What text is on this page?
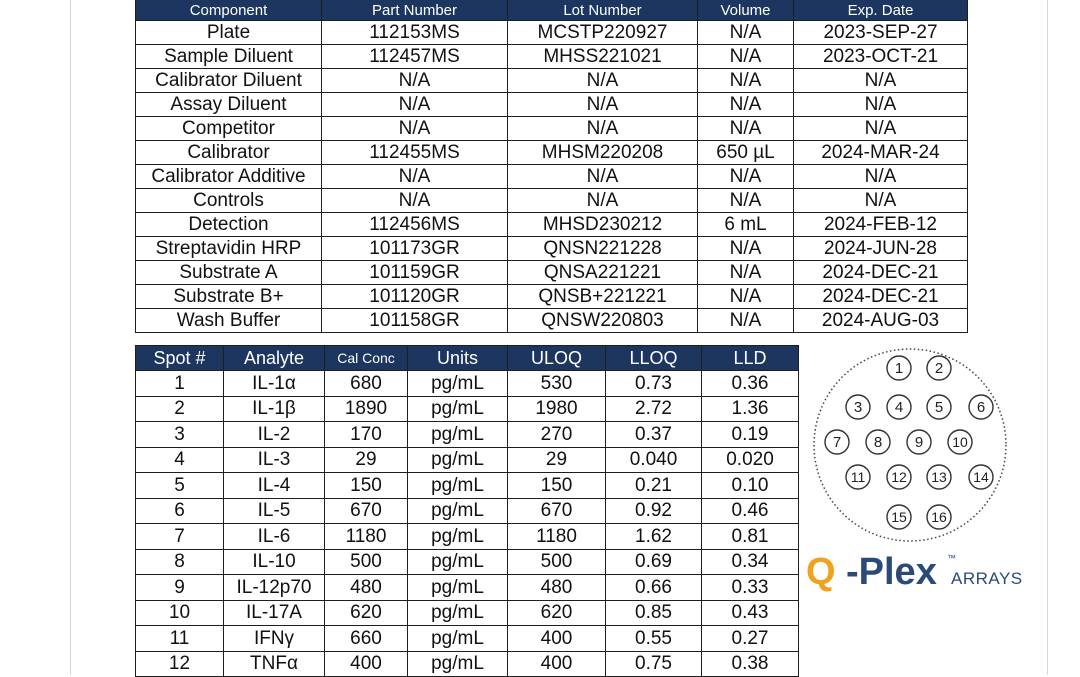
Component	Part Number	Lot Number	Volume	Exp. Date
Plate	112153MS	MCSTP220927	N/A	2023-SEP-27
Sample Diluent	112457MS	MHSS221021	N/A	2023-OCT-21
Calibrator Diluent	N/A	N/A	N/A	N/A
Assay Diluent	N/A	N/A	N/A	N/A
Competitor	N/A	N/A	N/A	N/A
Calibrator	112455MS	MHSM220208	650 µL	2024-MAR-24
Calibrator Additive	N/A	N/A	N/A	N/A
Controls	N/A	N/A	N/A	N/A
Detection	112456MS	MHSD230212	6 mL	2024-FEB-12
Streptavidin HRP	101173GR	QNSN221228	N/A	2024-JUN-28
Substrate A	101159GR	QNSA221221	N/A	2024-DEC-21
Substrate B+	101120GR	QNSB+221221	N/A	2024-DEC-21
Wash Buffer	101158GR	QNSW220803	N/A	2024-AUG-03
Spot #	Analyte	Cal Conc	Units	ULOQ	LLOQ	LLD
1	IL-1α	680	pg/mL	530	0.73	0.36
2	IL-1β	1890	pg/mL	1980	2.72	1.36
3	IL-2	170	pg/mL	270	0.37	0.19
4	IL-3	29	pg/mL	29	0.040	0.020
5	IL-4	150	pg/mL	150	0.21	0.10
6	IL-5	670	pg/mL	670	0.92	0.46
7	IL-6	1180	pg/mL	1180	1.62	0.81
8	IL-10	500	pg/mL	500	0.69	0.34
9	IL-12p70	480	pg/mL	480	0.66	0.33
10	IL-17A	620	pg/mL	620	0.85	0.43
11	IFNγ	660	pg/mL	400	0.55	0.27
12	TNFα	400	pg/mL	400	0.75	0.38
1 2
3 4 5 6
7 8 9 10
11 12 13 14
15 16
Q -Plex ™
ARRAYS
